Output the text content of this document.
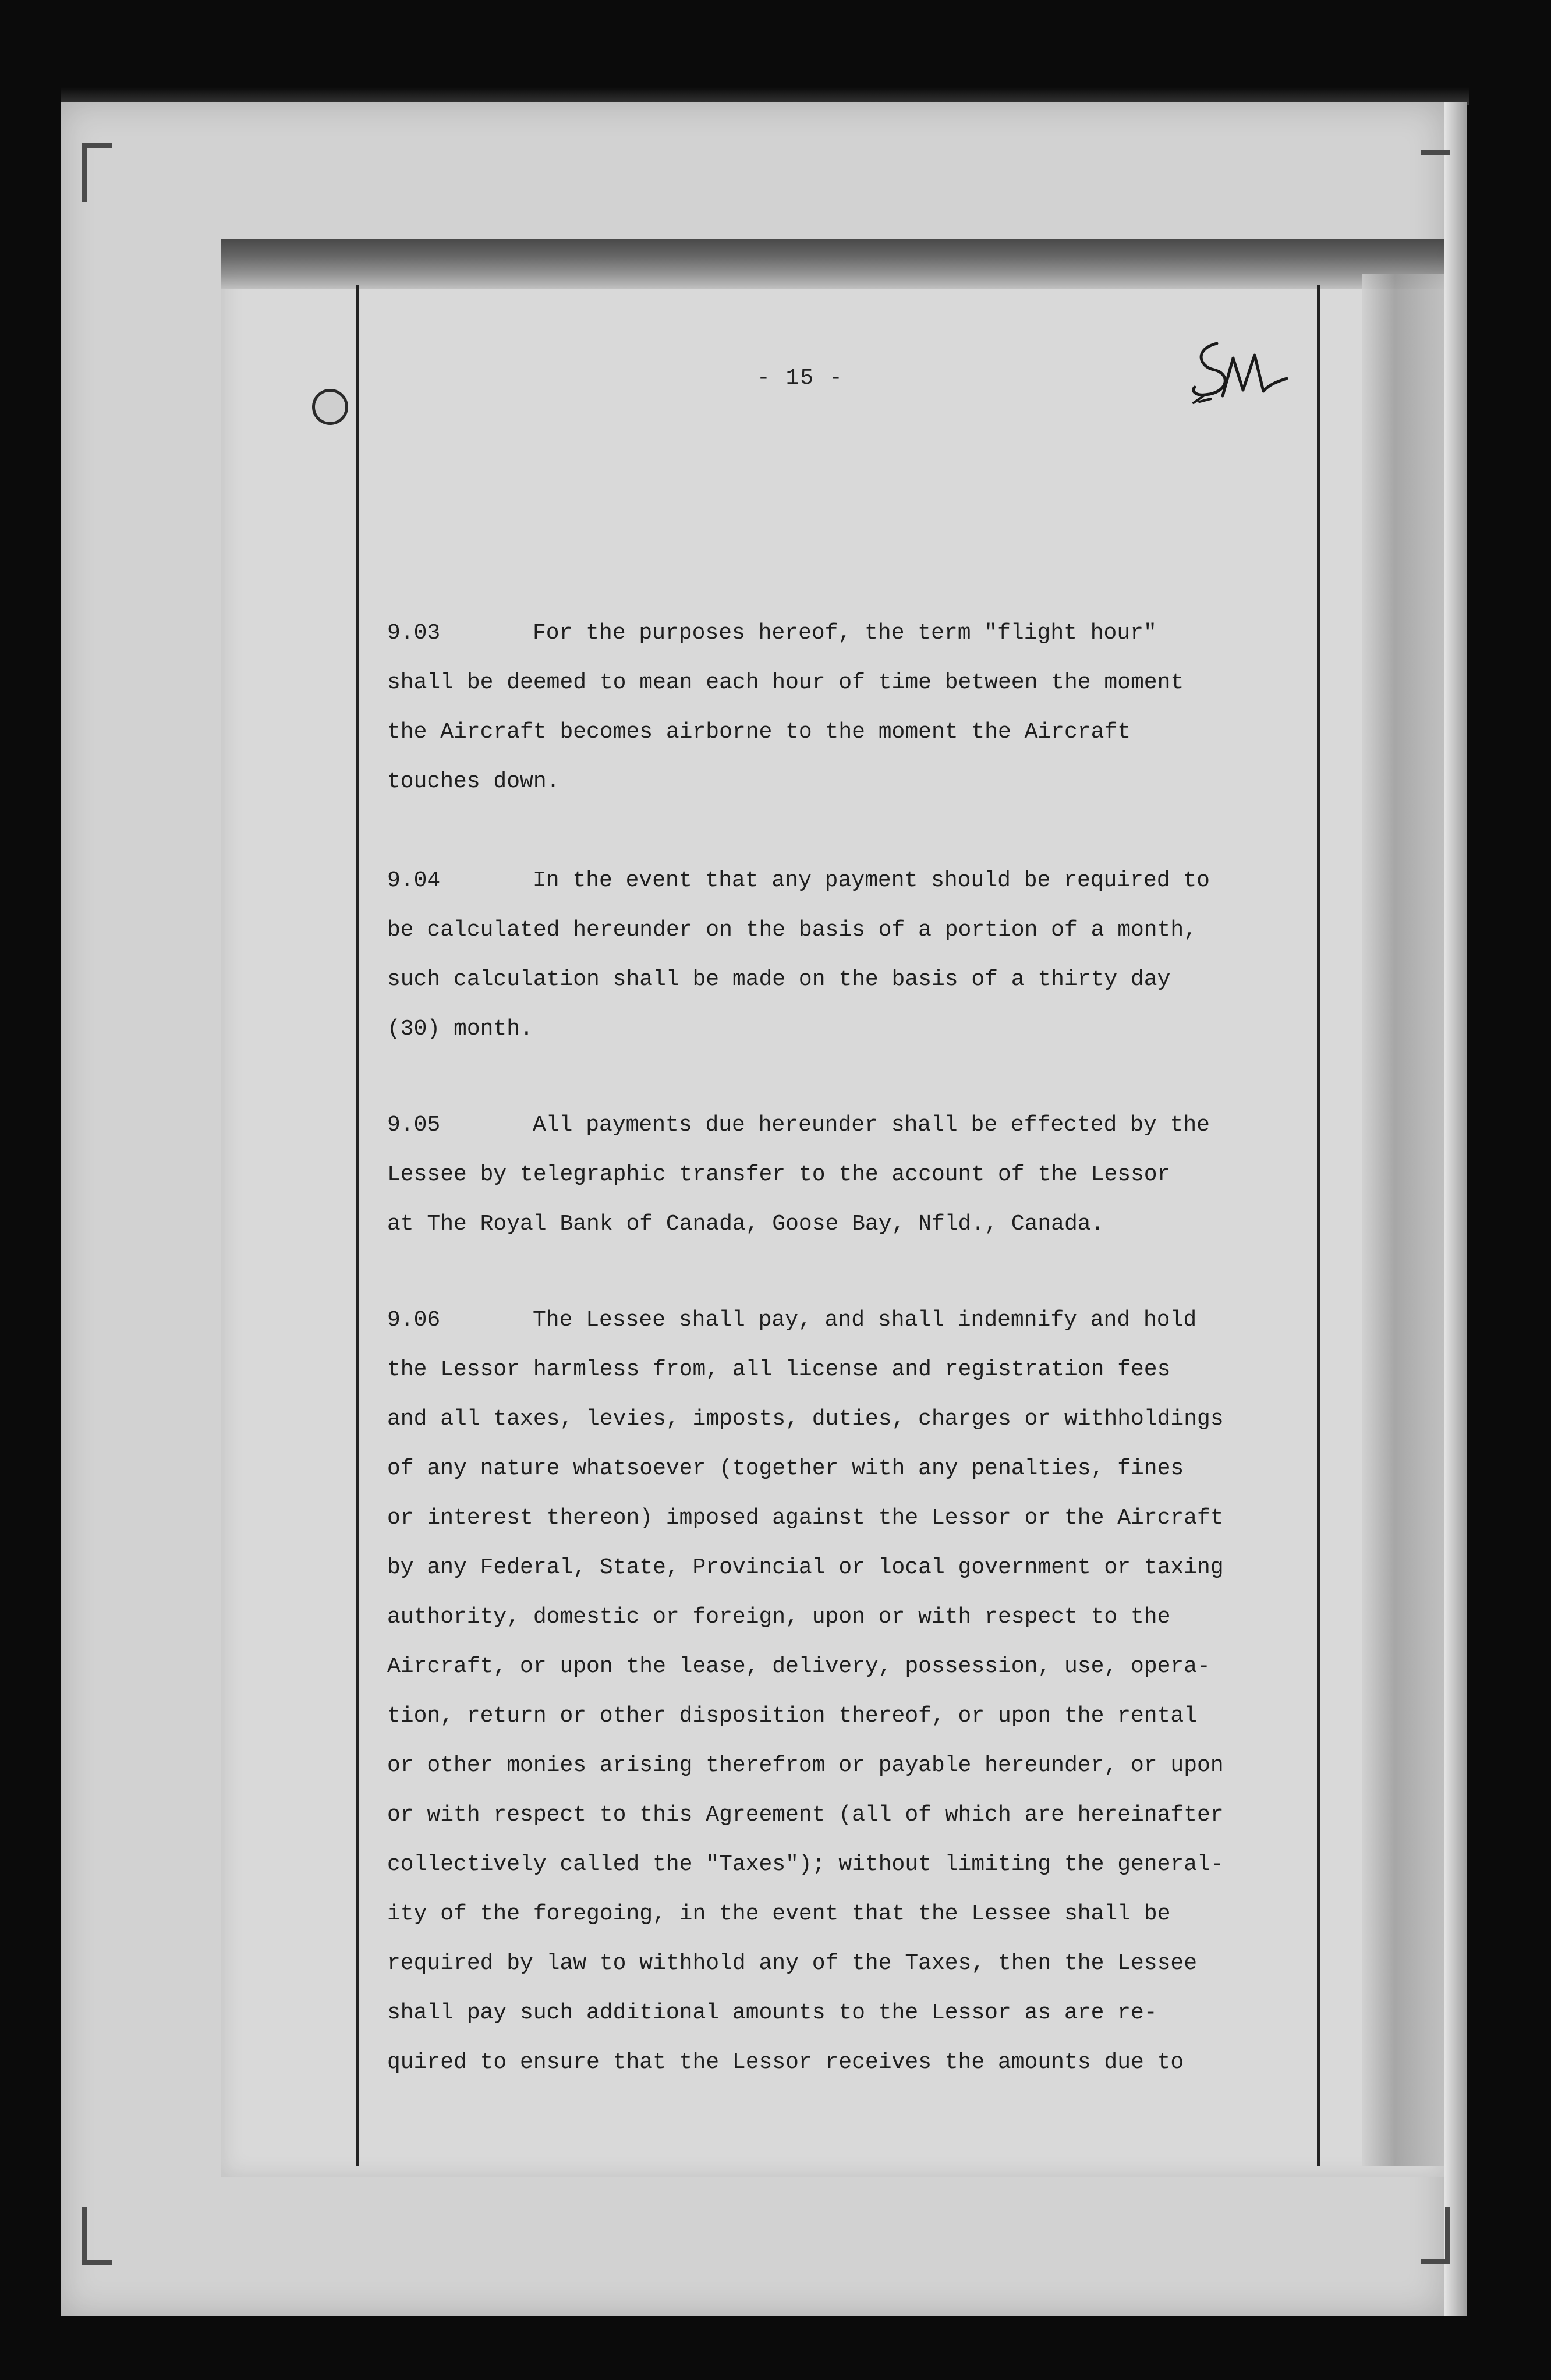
- 15 -
9.03	For the purposes hereof, the term "flight hour"
shall be deemed to mean each hour of time between the moment
the Aircraft becomes airborne to the moment the Aircraft
touches down.
9.04	In the event that any payment should be required to
be calculated hereunder on the basis of a portion of a month,
such calculation shall be made on the basis of a thirty day
(30) month.
9.05	All payments due hereunder shall be effected by the
Lessee by telegraphic transfer to the account of the Lessor
at The Royal Bank of Canada, Goose Bay, Nfld., Canada.
9.06	The Lessee shall pay, and shall indemnify and hold
the Lessor harmless from, all license and registration fees
and all taxes, levies, imposts, duties, charges or withholdings
of any nature whatsoever (together with any penalties, fines
or interest thereon) imposed against the Lessor or the Aircraft
by any Federal, State, Provincial or local government or taxing
authority, domestic or foreign, upon or with respect to the
Aircraft, or upon the lease, delivery, possession, use, opera-
tion, return or other disposition thereof, or upon the rental
or other monies arising therefrom or payable hereunder, or upon
or with respect to this Agreement (all of which are hereinafter
collectively called the "Taxes"); without limiting the general-
ity of the foregoing, in the event that the Lessee shall be
required by law to withhold any of the Taxes, then the Lessee
shall pay such additional amounts to the Lessor as are re-
quired to ensure that the Lessor receives the amounts due to
